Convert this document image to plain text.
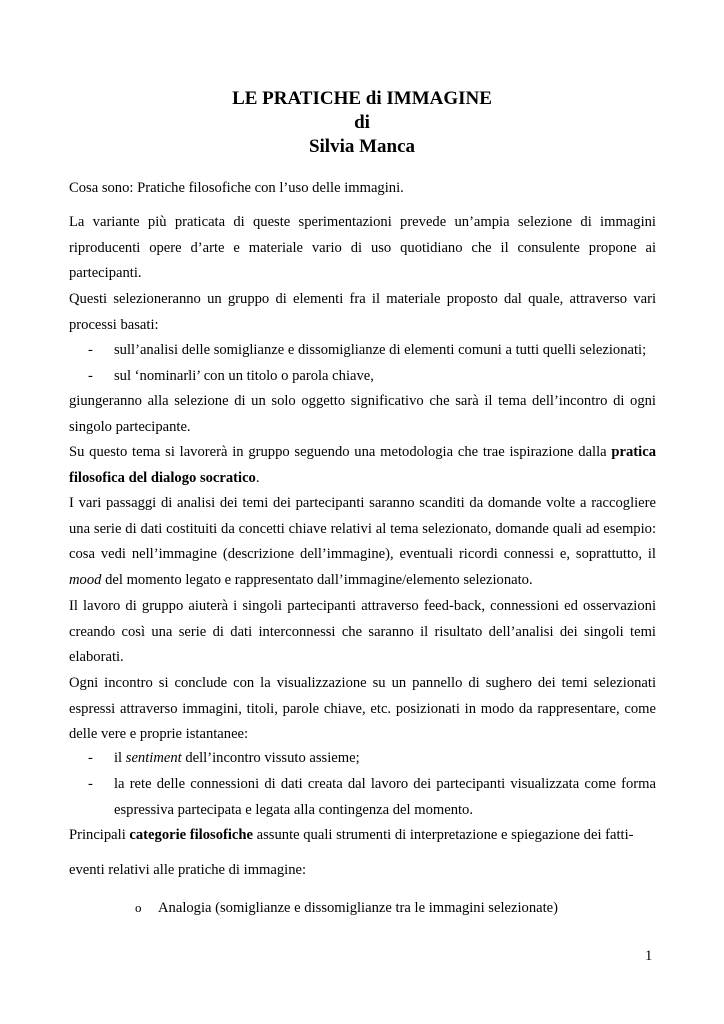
LE PRATICHE di IMMAGINE
di
Silvia Manca
Cosa sono: Pratiche filosofiche con l’uso delle immagini.
La variante più praticata di queste sperimentazioni prevede un’ampia selezione di immagini riproducenti opere d’arte e materiale vario di uso quotidiano che il consulente propone ai partecipanti.
Questi selezioneranno un gruppo di elementi fra il materiale proposto dal quale, attraverso vari processi basati:
- sull’analisi delle somiglianze e dissomiglianze di elementi comuni a tutti quelli selezionati;
- sul ‘nominarli’ con un titolo o parola chiave,
giungeranno alla selezione di un solo oggetto significativo che sarà il tema dell’incontro di ogni singolo partecipante.
Su questo tema si lavorerà in gruppo seguendo una metodologia che trae ispirazione dalla pratica filosofica del dialogo socratico.
I vari passaggi di analisi dei temi dei partecipanti saranno scanditi da domande volte a raccogliere una serie di dati costituiti da concetti chiave relativi al tema selezionato, domande quali ad esempio: cosa vedi nell’immagine (descrizione dell’immagine), eventuali ricordi connessi e, soprattutto, il mood del momento legato e rappresentato dall’immagine/elemento selezionato.
Il lavoro di gruppo aiuterà i singoli partecipanti attraverso feed-back, connessioni ed osservazioni creando così una serie di dati interconnessi che saranno il risultato dell’analisi dei singoli temi elaborati.
Ogni incontro si conclude con la visualizzazione su un pannello di sughero dei temi selezionati espressi attraverso immagini, titoli, parole chiave, etc. posizionati in modo da rappresentare, come delle vere e proprie istantanee:
- il sentiment dell’incontro vissuto assieme;
- la rete delle connessioni di dati creata dal lavoro dei partecipanti visualizzata come forma espressiva partecipata e legata alla contingenza del momento.
Principali categorie filosofiche assunte quali strumenti di interpretazione e spiegazione dei fatti-
eventi relativi alle pratiche di immagine:
o Analogia (somiglianze e dissomiglianze tra le immagini selezionate)
1
